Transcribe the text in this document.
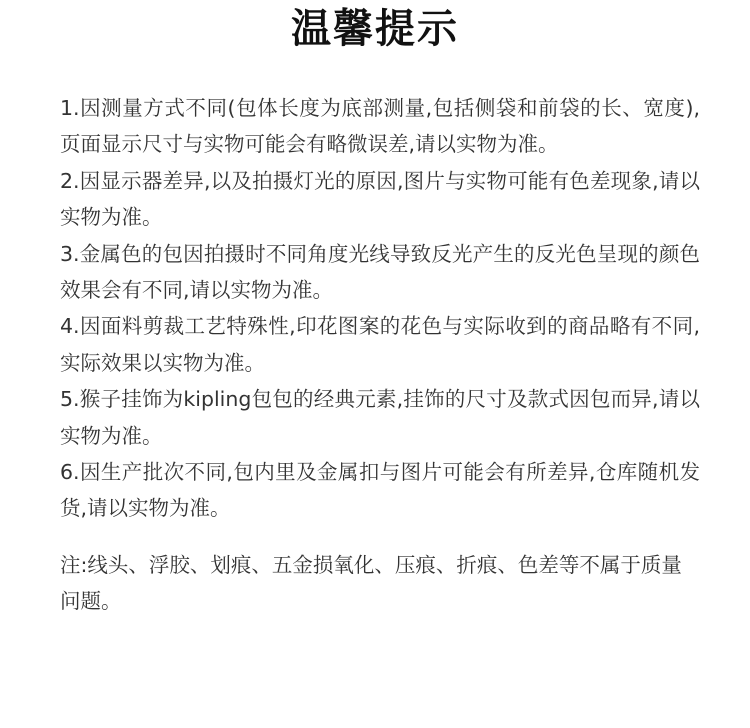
温馨提示

1.因测量方式不同(包体长度为底部测量,包括侧袋和前袋的长、宽度),页面显示尺寸与实物可能会有略微误差,请以实物为准。

2.因显示器差异,以及拍摄灯光的原因,图片与实物可能有色差现象,请以实物为准。

3.金属色的包因拍摄时不同角度光线导致反光产生的反光色呈现的颜色效果会有不同,请以实物为准。

4.因面料剪裁工艺特殊性,印花图案的花色与实际收到的商品略有不同,实际效果以实物为准。

5.猴子挂饰为kipling包包的经典元素,挂饰的尺寸及款式因包而异,请以实物为准。

6.因生产批次不同,包内里及金属扣与图片可能会有所差异,仓库随机发货,请以实物为准。

注:线头、浮胶、划痕、五金损氧化、压痕、折痕、色差等不属于质量问题。
